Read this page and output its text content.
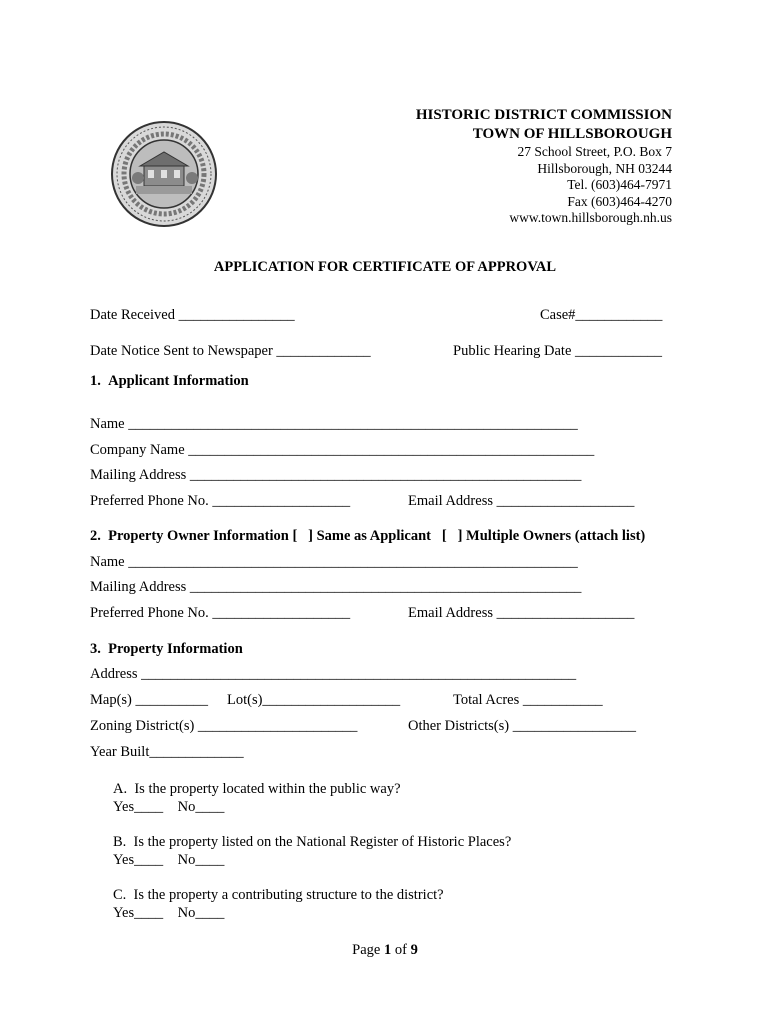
HISTORIC DISTRICT COMMISSION
TOWN OF HILLSBOROUGH
27 School Street, P.O. Box 7
Hillsborough, NH 03244
Tel. (603)464-7971
Fax (603)464-4270
www.town.hillsborough.nh.us
APPLICATION FOR CERTIFICATE OF APPROVAL
Date Received ________________	Case#____________
Date Notice Sent to Newspaper _____________	Public Hearing Date ____________
1.  Applicant Information
Name ______________________________________________________________
Company Name ________________________________________________________
Mailing Address ______________________________________________________
Preferred Phone No. ___________________	Email Address ___________________
2.  Property Owner Information [   ] Same as Applicant   [   ] Multiple Owners (attach list)
Name ______________________________________________________________
Mailing Address ______________________________________________________
Preferred Phone No. ___________________	Email Address ___________________
3.  Property Information
Address ____________________________________________________________
Map(s) __________ Lot(s)___________________	Total Acres ___________
Zoning District(s) ______________________	Other Districts(s) _________________
Year Built_____________
A.  Is the property located within the public way?
Yes____    No____
B.  Is the property listed on the National Register of Historic Places?
Yes____    No____
C.  Is the property a contributing structure to the district?
Yes____    No____
Page 1 of 9
